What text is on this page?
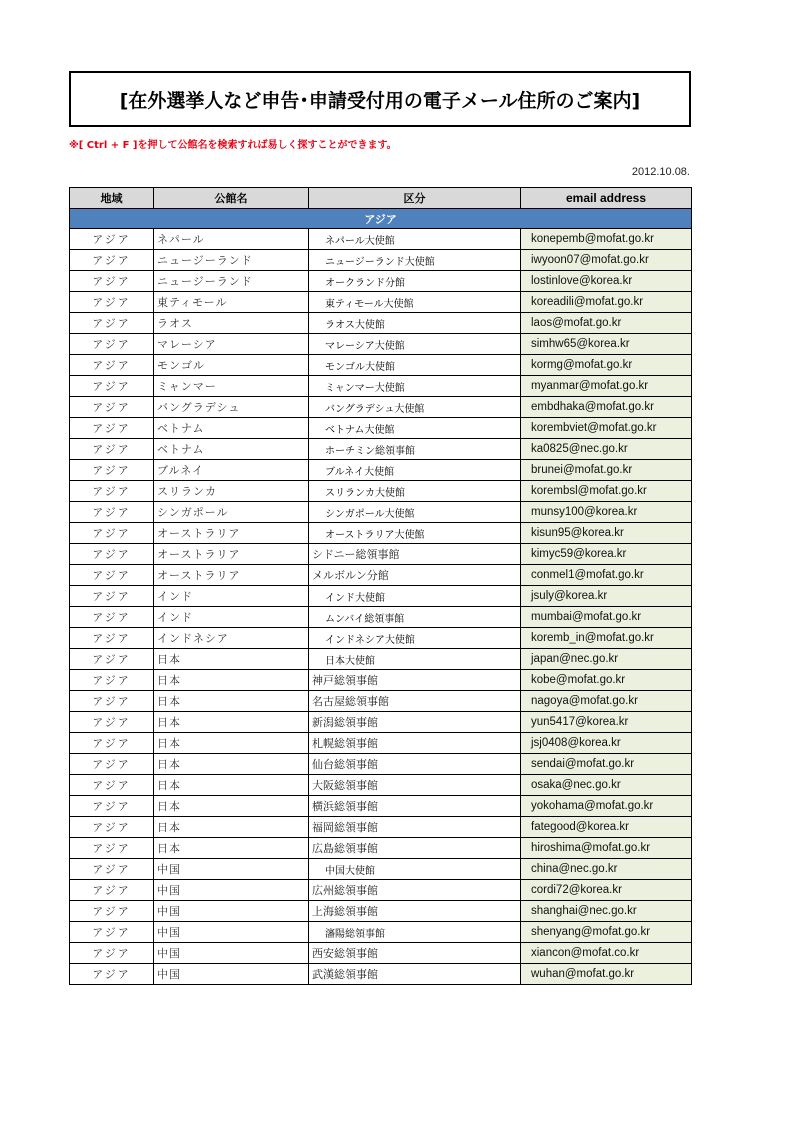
[在外選挙人など申告･申請受付用の電子メール住所のご案内]
※[ Ctrl + F ]を押して公館名を検索すれば易しく探すことができます。
2012.10.08.
地域	公館名	区分	email address
アジア			
アジア	ネパール	ネパール大使館	konepemb@mofat.go.kr
アジア	ニュージーランド	ニュージーランド大使館	iwyoon07@mofat.go.kr
アジア	ニュージーランド	オークランド分館	lostinlove@korea.kr
アジア	東ティモール	東ティモール大使館	koreadili@mofat.go.kr
アジア	ラオス	ラオス大使館	laos@mofat.go.kr
アジア	マレーシア	マレーシア大使館	simhw65@korea.kr
アジア	モンゴル	モンゴル大使館	kormg@mofat.go.kr
アジア	ミャンマー	ミャンマー大使館	myanmar@mofat.go.kr
アジア	バングラデシュ	バングラデシュ大使館	embdhaka@mofat.go.kr
アジア	ベトナム	ベトナム大使館	korembviet@mofat.go.kr
アジア	ベトナム	ホーチミン総領事館	ka0825@nec.go.kr
アジア	ブルネイ	ブルネイ大使館	brunei@mofat.go.kr
アジア	スリランカ	スリランカ大使館	korembsl@mofat.go.kr
アジア	シンガポール	シンガポール大使館	munsy100@korea.kr
アジア	オーストラリア	オーストラリア大使館	kisun95@korea.kr
アジア	オーストラリア	シドニー総領事館	kimyc59@korea.kr
アジア	オーストラリア	メルボルン分館	conmel1@mofat.go.kr
アジア	インド	インド大使館	jsuly@korea.kr
アジア	インド	ムンバイ総領事館	mumbai@mofat.go.kr
アジア	インドネシア	インドネシア大使館	koremb_in@mofat.go.kr
アジア	日本	日本大使館	japan@nec.go.kr
アジア	日本	神戸総領事館	kobe@mofat.go.kr
アジア	日本	名古屋総領事館	nagoya@mofat.go.kr
アジア	日本	新潟総領事館	yun5417@korea.kr
アジア	日本	札幌総領事館	jsj0408@korea.kr
アジア	日本	仙台総領事館	sendai@mofat.go.kr
アジア	日本	大阪総領事館	osaka@nec.go.kr
アジア	日本	横浜総領事館	yokohama@mofat.go.kr
アジア	日本	福岡総領事館	fategood@korea.kr
アジア	日本	広島総領事館	hiroshima@mofat.go.kr
アジア	中国	中国大使館	china@nec.go.kr
アジア	中国	広州総領事館	cordi72@korea.kr
アジア	中国	上海総領事館	shanghai@nec.go.kr
アジア	中国	瀋陽総領事館	shenyang@mofat.go.kr
アジア	中国	西安総領事館	xiancon@mofat.co.kr
アジア	中国	武漢総領事館	wuhan@mofat.go.kr
